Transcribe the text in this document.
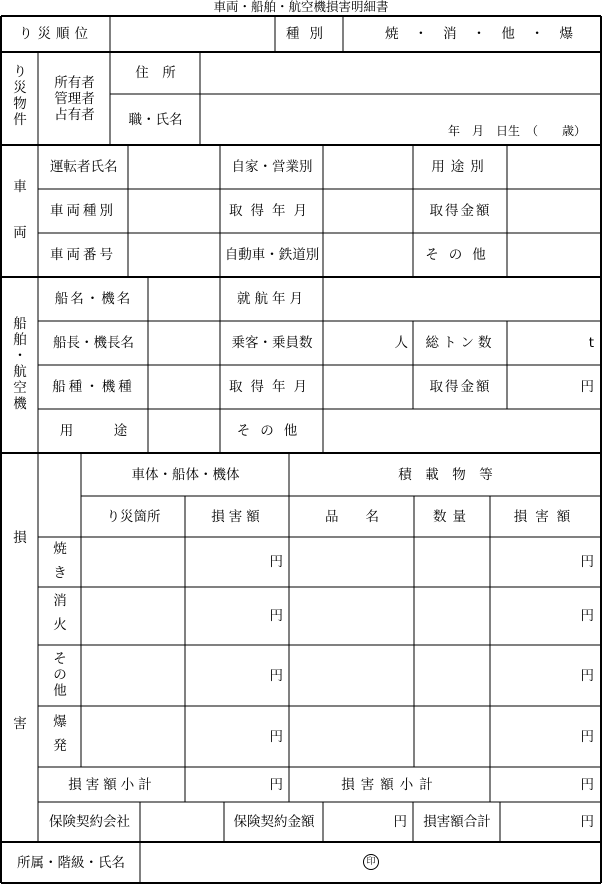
車両・船舶・航空機損害明細書
り災順位	種別	焼 ・ 消 ・ 他 ・ 爆
り
災
物
件
所有者
管理者
占有者
住　所
職・氏名
年　月　日生　（　　歳）
車
両
運転者氏名	自家・営業別	用途別
車両種別	取得年月	取得金額
車両番号	自動車・鉄道別	その他
船
舶
・
航
空
機
船名・機名	就航年月
船長・機長名	乗客・乗員数	人	総トン数	t
船種・機種	取得年月	取得金額	円
用　　　途	その他
損
害
車体・船体・機体	積　載　物　等
り災箇所	損害額	品　　名	数量	損害額
焼
き
円	円
消
火
円	円
そ
の
他
円	円
爆
発
円	円
損害額小計	円	損害額小計	円
保険契約会社	保険契約金額	円	損害額合計	円
所属・階級・氏名	印
